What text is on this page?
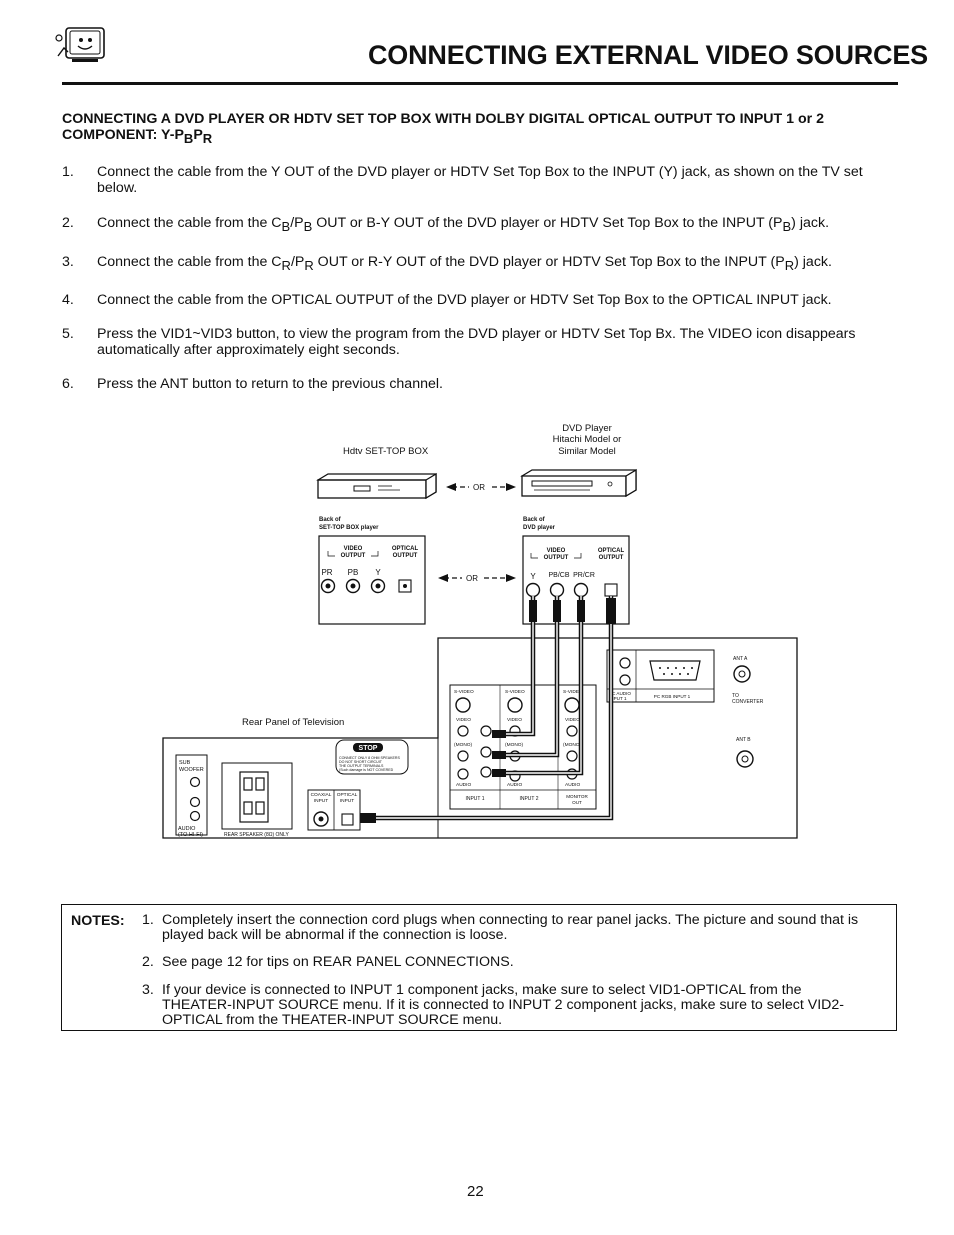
CONNECTING EXTERNAL VIDEO SOURCES
CONNECTING A DVD PLAYER OR HDTV SET TOP BOX WITH DOLBY DIGITAL OPTICAL OUTPUT TO INPUT 1 or 2 COMPONENT: $Y-P_BP_R$
1. Connect the cable from the Y OUT of the DVD player or HDTV Set Top Box to the INPUT (Y) jack, as shown on the TV set below.
2. Connect the cable from the $C_B/P_B$ OUT or B-Y OUT of the DVD player or HDTV Set Top Box to the INPUT $(P_B)$ jack.
3. Connect the cable from the $C_R/P_R$ OUT or R-Y OUT of the DVD player or HDTV Set Top Box to the INPUT $(P_R)$ jack.
4. Connect the cable from the OPTICAL OUTPUT of the DVD player or HDTV Set Top Box to the OPTICAL INPUT jack.
5. Press the VID1~VID3 button, to view the program from the DVD player or HDTV Set Top Bx. The VIDEO icon disappears automatically after approximately eight seconds.
6. Press the ANT button to return to the previous channel.
Hdtv SET-TOP BOX
DVD Player
Hitachi Model or
Similar Model
OR
Back of
SET-TOP BOX player
Back of
DVD player
VIDEO
OUTPUT
OPTICAL
OUTPUT
PR PB Y
OR
VIDEO
OUTPUT
OPTICAL
OUTPUT
Y PB/CB PR/CR
Rear Panel of Television
SUB
WOOFER
AUDIO
(TO HI-FI)	REAR SPEAKER (8Ω) ONLY
STOP
CONNECT ONLY 8 OHM SPEAKERS
DO NOT SHORT CIRCUIT
THE OUTPUT TERMINALS
(Such damage is NOT COVERED
COAXIAL
INPUT
OPTICAL
INPUT
S-VIDEO	S-VIDEO	S-VIDEO
VIDEO	VIDEO	VIDEO
(MONO)	(MONO)	(MONO)
AUDIO	AUDIO	AUDIO
INPUT 1	INPUT 2	MONITOR
OUT
PC AUDIO
INPUT 1	PC RGB INPUT 1
ANT A
TO
CONVERTER
ANT B
NOTES: 1. Completely insert the connection cord plugs when connecting to rear panel jacks. The picture and sound that is played back will be abnormal if the connection is loose.
2. See page 12 for tips on REAR PANEL CONNECTIONS.
3. If your device is connected to INPUT 1 component jacks, make sure to select VID1-OPTICAL from the THEATER-INPUT SOURCE menu. If it is connected to INPUT 2 component jacks, make sure to select VID2-OPTICAL from the THEATER-INPUT SOURCE menu.
22
